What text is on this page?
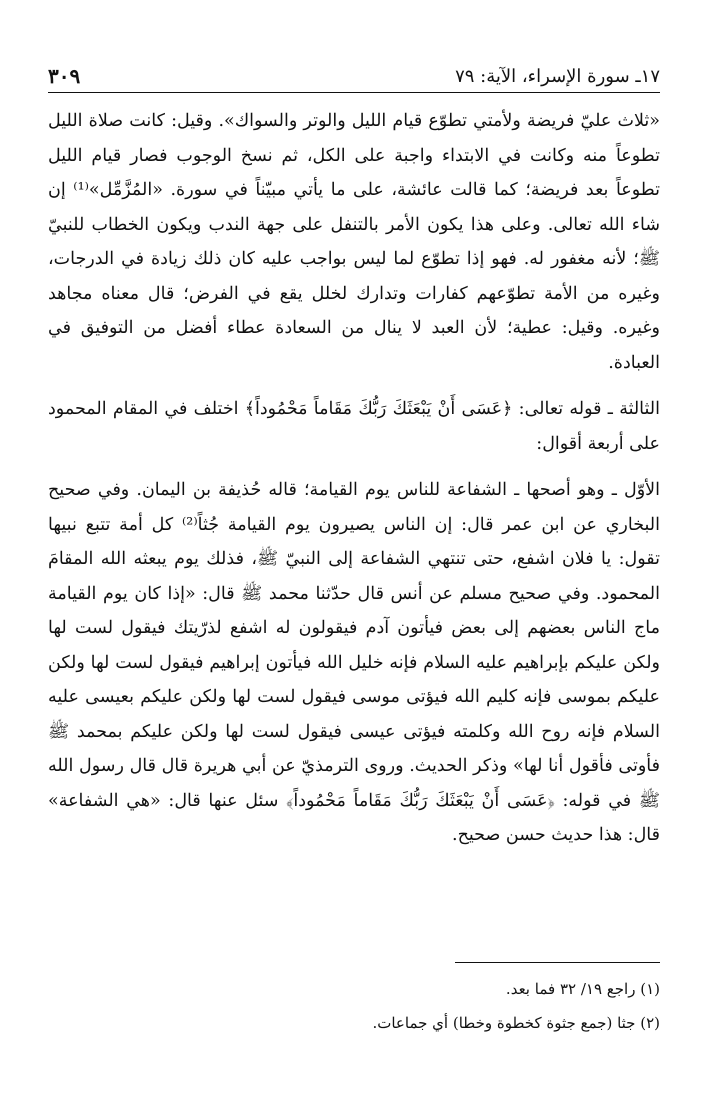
١٧ـ سورة الإسراء، الآية: ٧٩
٣٠٩

«ثلاث عليّ فريضة ولأمتي تطوّع قيام الليل والوتر والسواك». وقيل: كانت صلاة الليل تطوعاً منه وكانت في الابتداء واجبة على الكل، ثم نسخ الوجوب فصار قيام الليل تطوعاً بعد فريضة؛ كما قالت عائشة، على ما يأتي مبيّناً في سورة. «المُزَّمِّل»⁽¹⁾ إن شاء الله تعالى. وعلى هذا يكون الأمر بالتنفل على جهة الندب ويكون الخطاب للنبيّ ﷺ؛ لأنه مغفور له. فهو إذا تطوّع لما ليس بواجب عليه كان ذلك زيادة في الدرجات، وغيره من الأمة تطوّعهم كفارات وتدارك لخلل يقع في الفرض؛ قال معناه مجاهد وغيره. وقيل: عطية؛ لأن العبد لا ينال من السعادة عطاء أفضل من التوفيق في العبادة.

الثالثة ـ قوله تعالى: ﴿عَسَى أَنْ يَبْعَثَكَ رَبُّكَ مَقَاماً مَحْمُوداً﴾ اختلف في المقام المحمود على أربعة أقوال:

الأوّل ـ وهو أصحها ـ الشفاعة للناس يوم القيامة؛ قاله حُذيفة بن اليمان. وفي صحيح البخاري عن ابن عمر قال: إن الناس يصيرون يوم القيامة جُثاً⁽²⁾ كل أمة تتبع نبيها تقول: يا فلان اشفع، حتى تنتهي الشفاعة إلى النبيّ ﷺ، فذلك يوم يبعثه الله المقامَ المحمود. وفي صحيح مسلم عن أنس قال حدّثنا محمد ﷺ قال: «إذا كان يوم القيامة ماج الناس بعضهم إلى بعض فيأتون آدم فيقولون له اشفع لذرّيتك فيقول لست لها ولكن عليكم بإبراهيم عليه السلام فإنه خليل الله فيأتون إبراهيم فيقول لست لها ولكن عليكم بموسى فإنه كليم الله فيؤتى موسى فيقول لست لها ولكن عليكم بعيسى عليه السلام فإنه روح الله وكلمته فيؤتى عيسى فيقول لست لها ولكن عليكم بمحمد ﷺ فأوتى فأقول أنا لها» وذكر الحديث. وروى الترمذيّ عن أبي هريرة قال قال رسول الله ﷺ في قوله: ﴿عَسَى أَنْ يَبْعَثَكَ رَبُّكَ مَقَاماً مَحْمُوداً﴾ سئل عنها قال: «هي الشفاعة» قال: هذا حديث حسن صحيح.

(١) راجع ١٩/ ٣٢ فما بعد.
(٢) جثا (جمع جثوة كخطوة وخطا) أي جماعات.
